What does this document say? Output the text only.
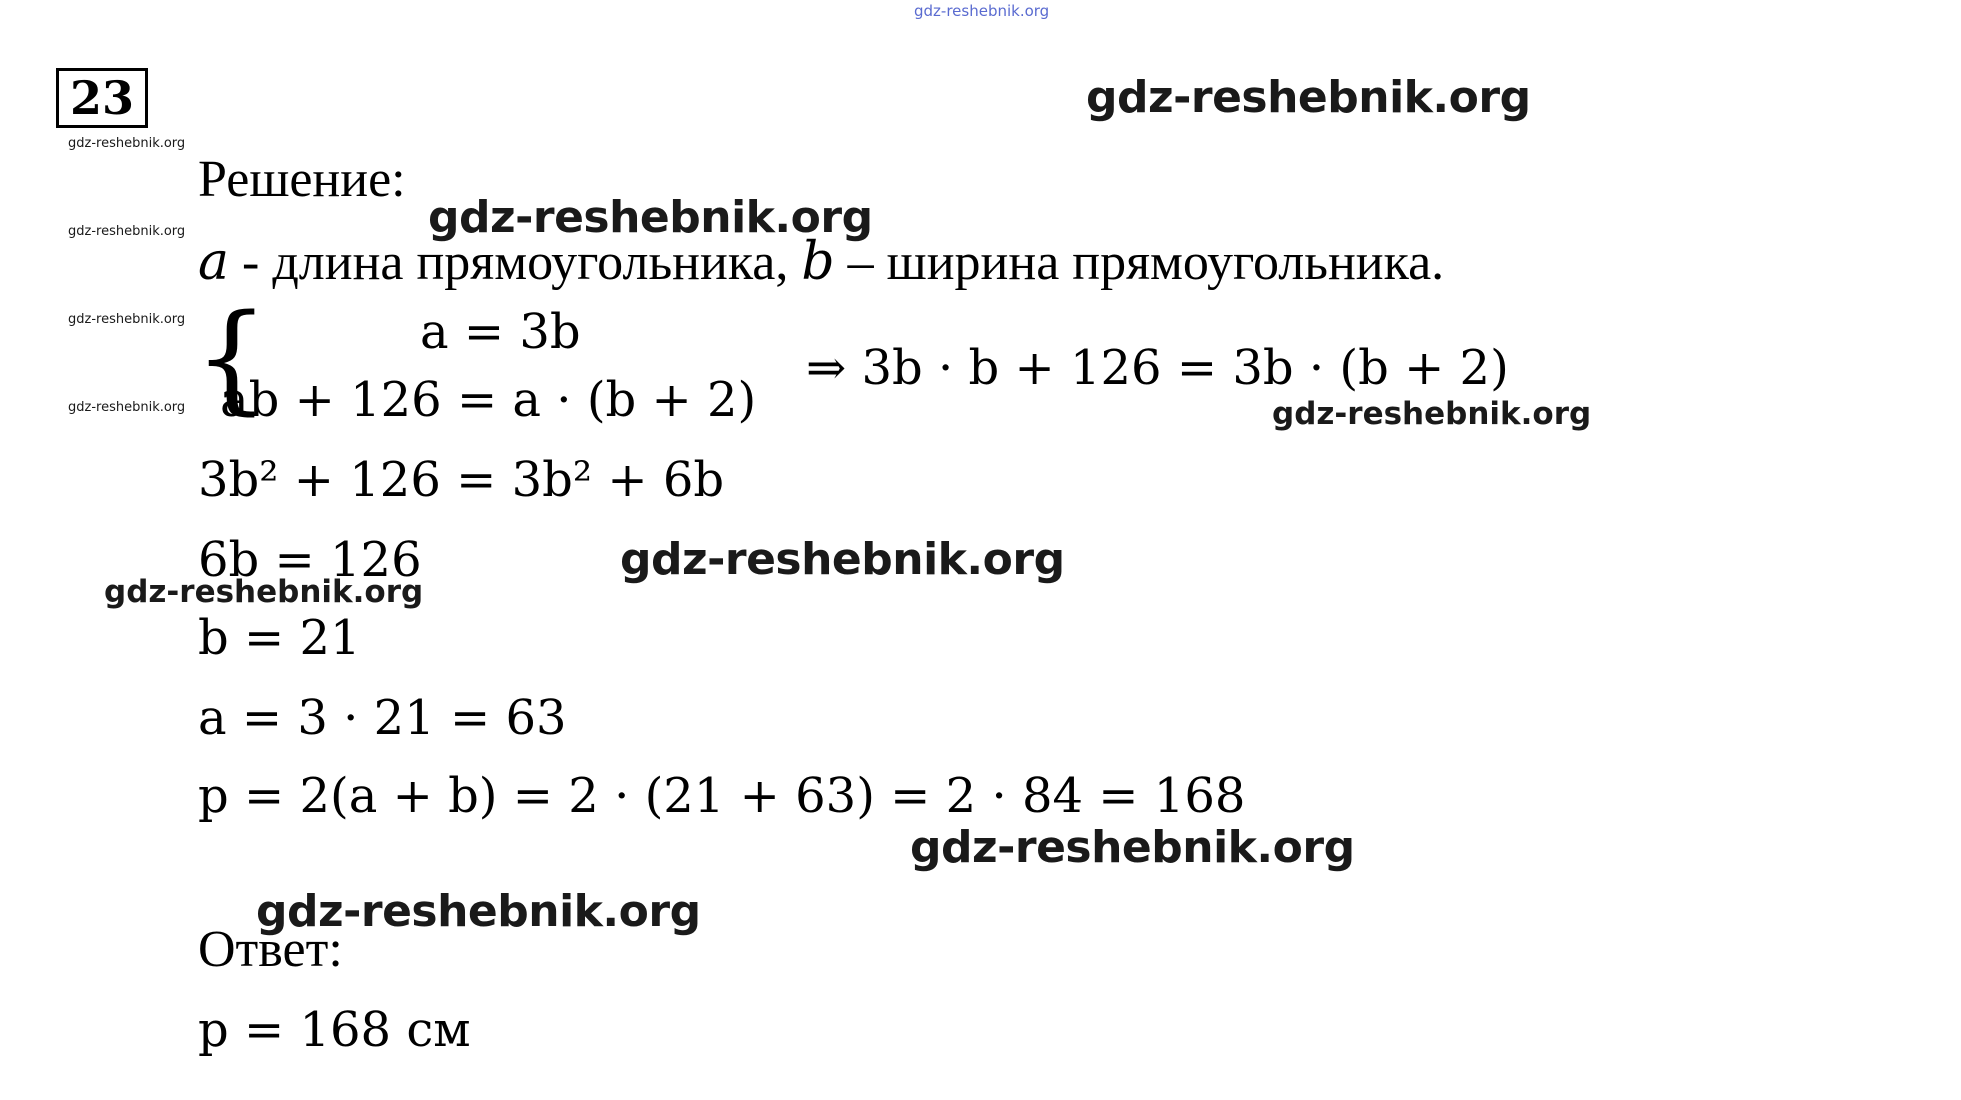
gdz-reshebnik.org
gdz-reshebnik.org
gdz-reshebnik.org
gdz-reshebnik.org
gdz-reshebnik.org
gdz-reshebnik.org
23
Решение:
gdz-reshebnik.org
a - длина прямоугольника, b – ширина прямоугольника.
{	a = 3b
ab + 126 = a · (b + 2)
⇒ 3b · b + 126 = 3b · (b + 2)
gdz-reshebnik.org
3b² + 126 = 3b² + 6b
6b = 126	gdz-reshebnik.org
gdz-reshebnik.org
b = 21
a = 3 · 21 = 63
p = 2(a + b) = 2 · (21 + 63) = 2 · 84 = 168
gdz-reshebnik.org
gdz-reshebnik.org
Ответ:
p = 168 см
